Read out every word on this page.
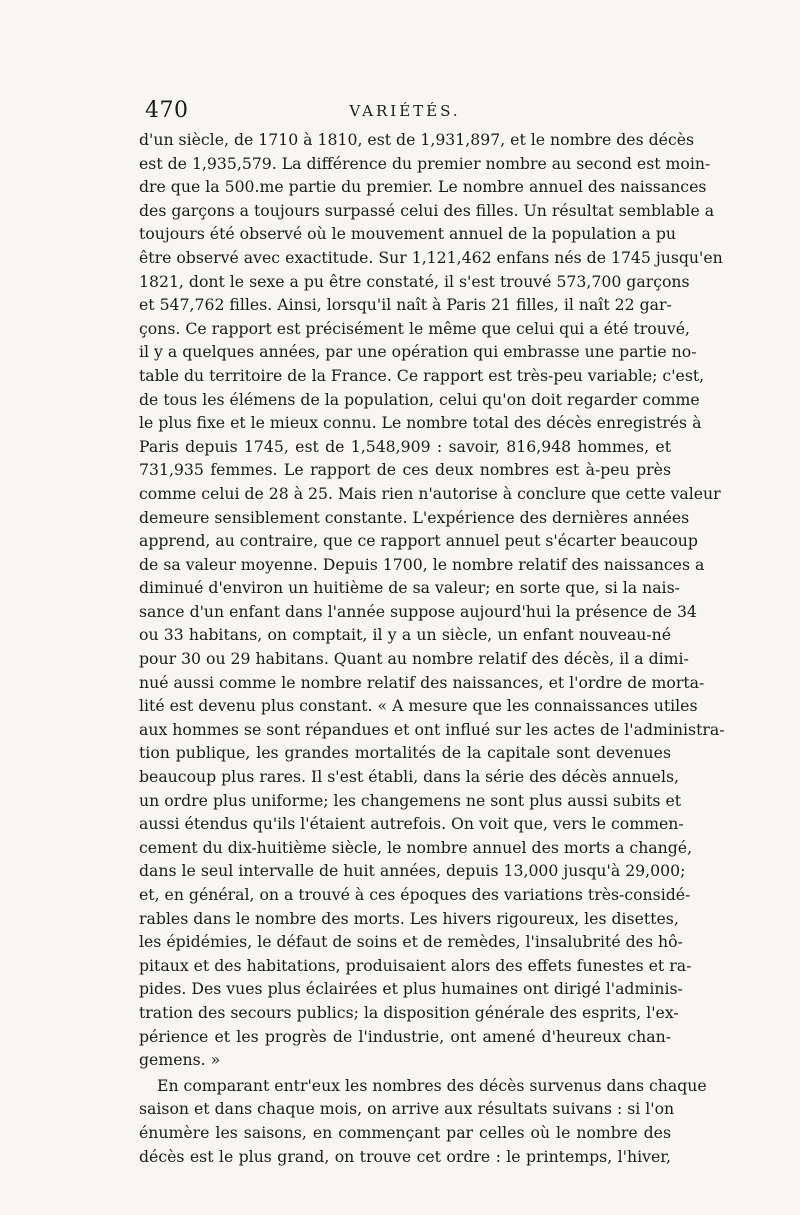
470	VARIÉTÉS.
d'un siècle, de 1710 à 1810, est de 1,931,897, et le nombre des décès
est de 1,935,579. La différence du premier nombre au second est moin-
dre que la 500.me partie du premier. Le nombre annuel des naissances
des garçons a toujours surpassé celui des filles. Un résultat semblable a
toujours été observé où le mouvement annuel de la population a pu
être observé avec exactitude. Sur 1,121,462 enfans nés de 1745 jusqu'en
1821, dont le sexe a pu être constaté, il s'est trouvé 573,700 garçons
et 547,762 filles. Ainsi, lorsqu'il naît à Paris 21 filles, il naît 22 gar-
çons. Ce rapport est précisément le même que celui qui a été trouvé,
il y a quelques années, par une opération qui embrasse une partie no-
table du territoire de la France. Ce rapport est très-peu variable; c'est,
de tous les élémens de la population, celui qu'on doit regarder comme
le plus fixe et le mieux connu. Le nombre total des décès enregistrés à
Paris depuis 1745, est de 1,548,909 : savoir, 816,948 hommes, et
731,935 femmes. Le rapport de ces deux nombres est à-peu près
comme celui de 28 à 25. Mais rien n'autorise à conclure que cette valeur
demeure sensiblement constante. L'expérience des dernières années
apprend, au contraire, que ce rapport annuel peut s'écarter beaucoup
de sa valeur moyenne. Depuis 1700, le nombre relatif des naissances a
diminué d'environ un huitième de sa valeur; en sorte que, si la nais-
sance d'un enfant dans l'année suppose aujourd'hui la présence de 34
ou 33 habitans, on comptait, il y a un siècle, un enfant nouveau-né
pour 30 ou 29 habitans. Quant au nombre relatif des décès, il a dimi-
nué aussi comme le nombre relatif des naissances, et l'ordre de morta-
lité est devenu plus constant. « A mesure que les connaissances utiles
aux hommes se sont répandues et ont influé sur les actes de l'administra-
tion publique, les grandes mortalités de la capitale sont devenues
beaucoup plus rares. Il s'est établi, dans la série des décès annuels,
un ordre plus uniforme; les changemens ne sont plus aussi subits et
aussi étendus qu'ils l'étaient autrefois. On voit que, vers le commen-
cement du dix-huitième siècle, le nombre annuel des morts a changé,
dans le seul intervalle de huit années, depuis 13,000 jusqu'à 29,000;
et, en général, on a trouvé à ces époques des variations très-considé-
rables dans le nombre des morts. Les hivers rigoureux, les disettes,
les épidémies, le défaut de soins et de remèdes, l'insalubrité des hô-
pitaux et des habitations, produisaient alors des effets funestes et ra-
pides. Des vues plus éclairées et plus humaines ont dirigé l'adminis-
tration des secours publics; la disposition générale des esprits, l'ex-
périence et les progrès de l'industrie, ont amené d'heureux chan-
gemens. »
En comparant entr'eux les nombres des décès survenus dans chaque
saison et dans chaque mois, on arrive aux résultats suivans : si l'on
énumère les saisons, en commençant par celles où le nombre des
décès est le plus grand, on trouve cet ordre : le printemps, l'hiver,
